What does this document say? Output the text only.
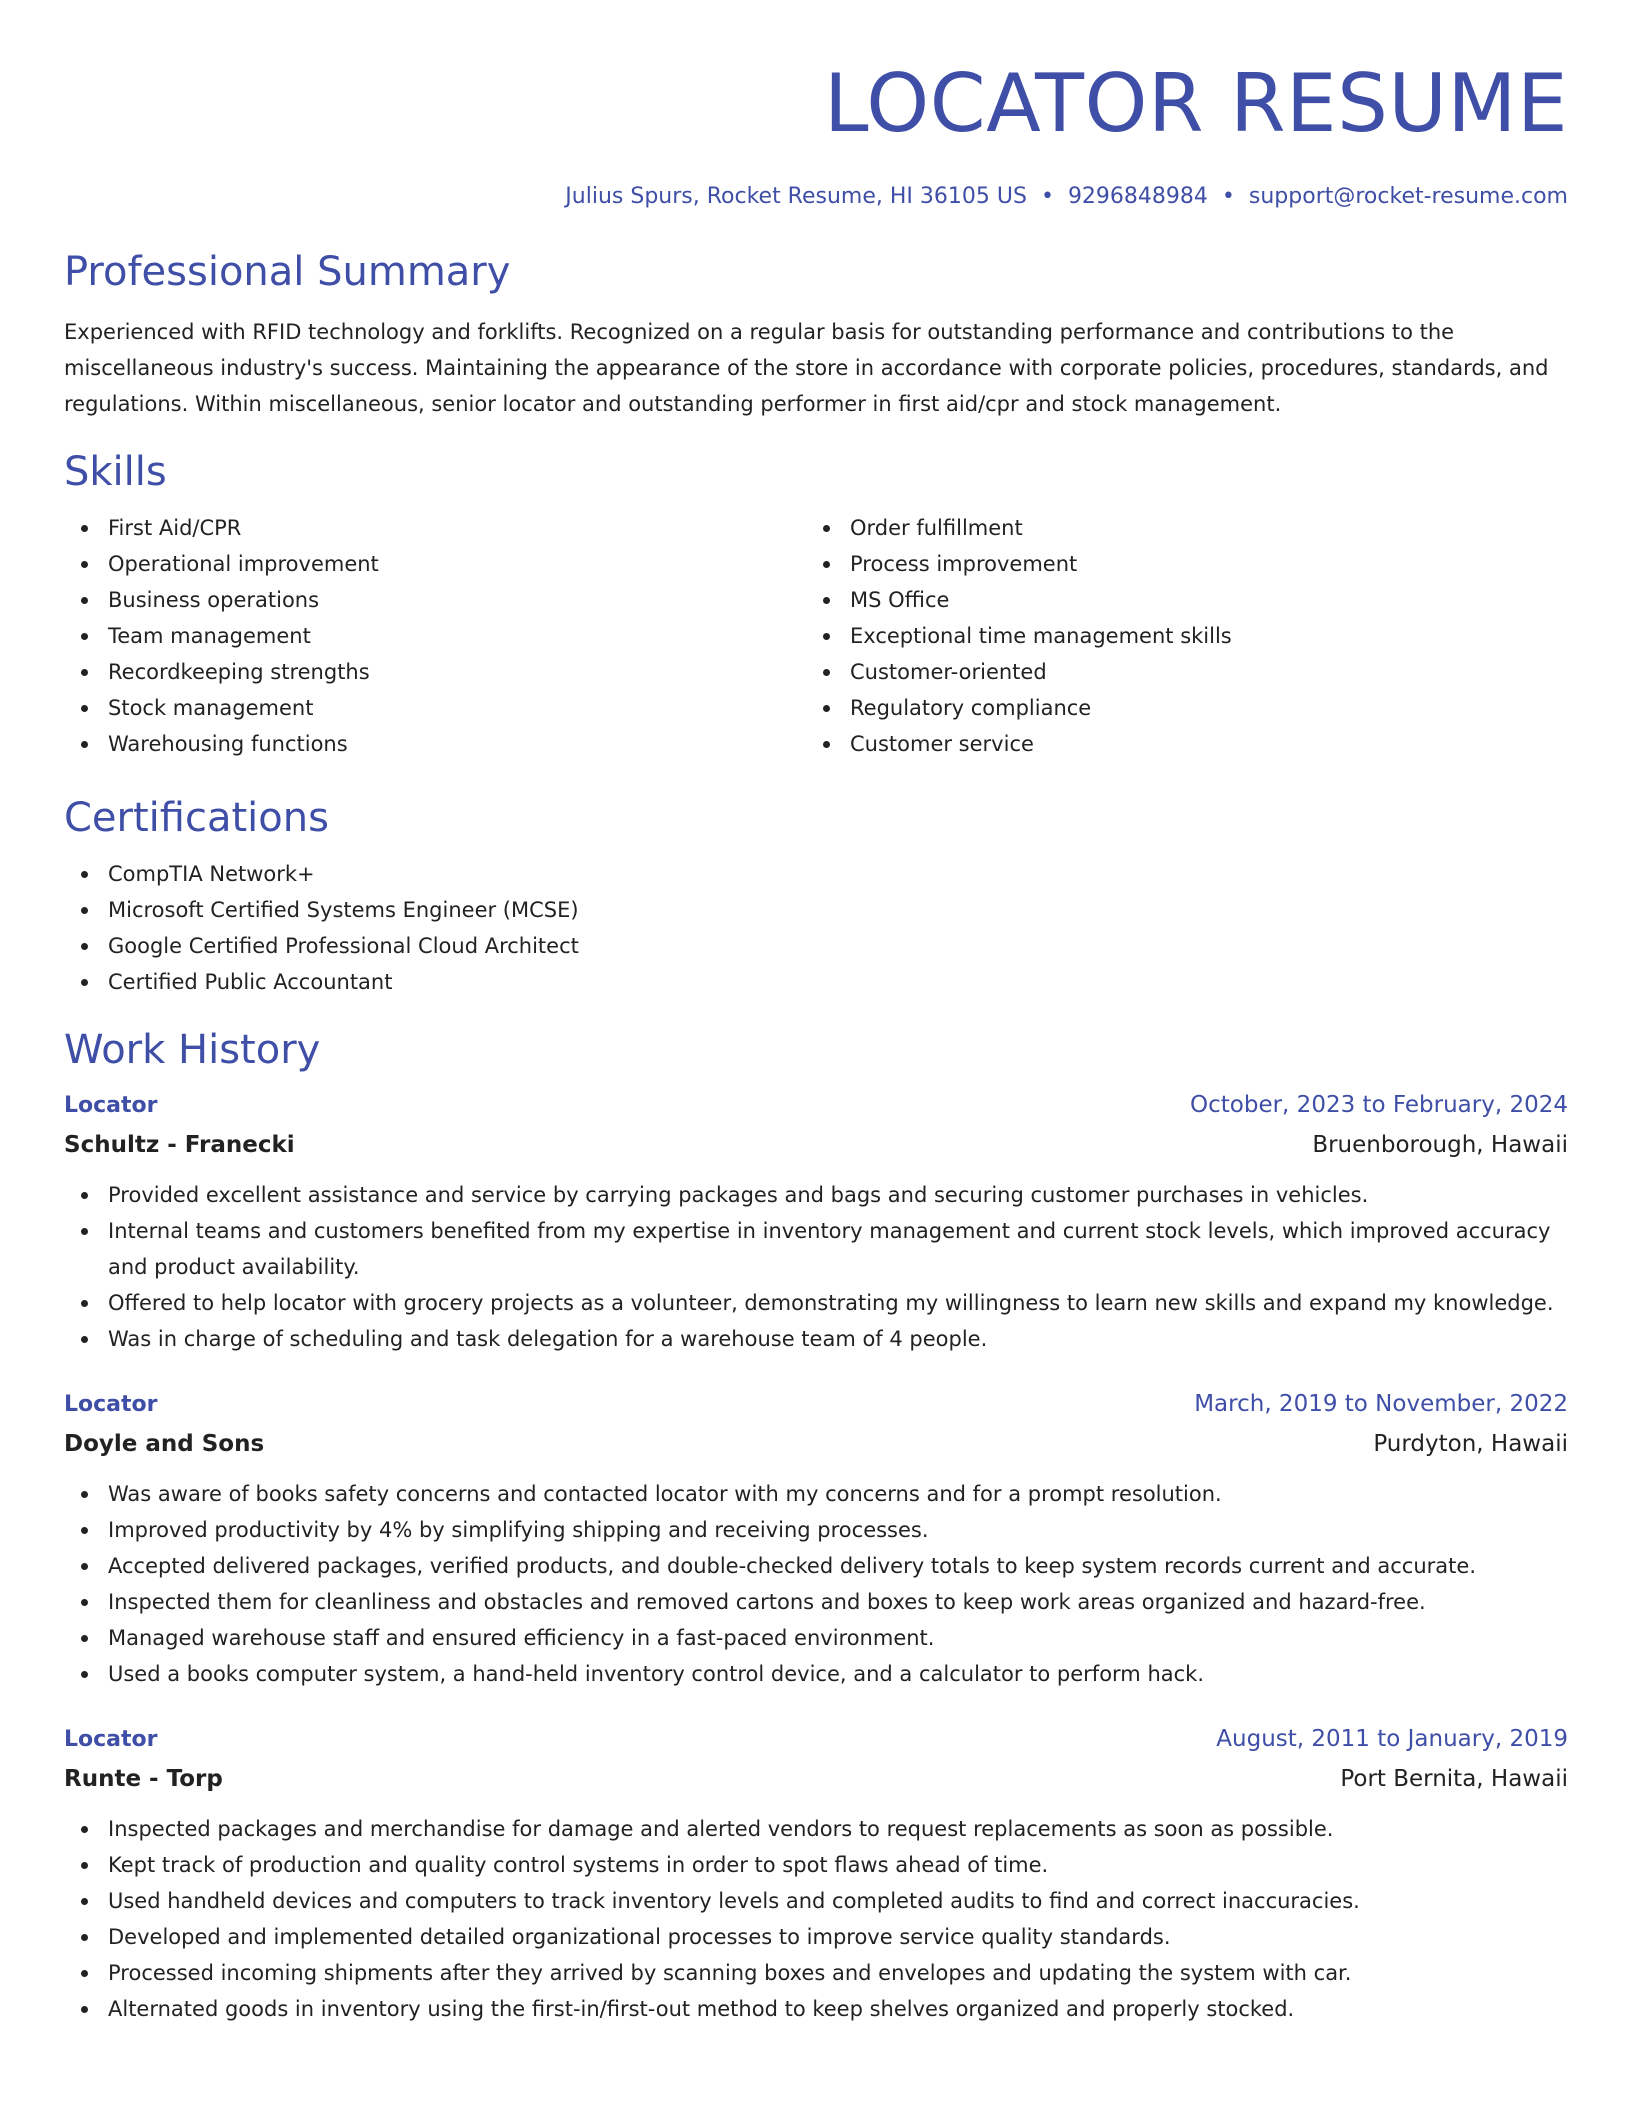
LOCATOR RESUME
Julius Spurs, Rocket Resume, HI 36105 US • 9296848984 • support@rocket-resume.com
Professional Summary

Experienced with RFID technology and forklifts. Recognized on a regular basis for outstanding performance and contributions to the miscellaneous industry's success. Maintaining the appearance of the store in accordance with corporate policies, procedures, standards, and regulations. Within miscellaneous, senior locator and outstanding performer in first aid/cpr and stock management.

Skills
First Aid/CPR
Operational improvement
Business operations
Team management
Recordkeeping strengths
Stock management
Warehousing functions
Order fulfillment
Process improvement
MS Office
Exceptional time management skills
Customer-oriented
Regulatory compliance
Customer service
Certifications
CompTIA Network+
Microsoft Certified Systems Engineer (MCSE)
Google Certified Professional Cloud Architect
Certified Public Accountant
Work History
Locator	October, 2023 to February, 2024
Schultz - Franecki	Bruenborough, Hawaii
Provided excellent assistance and service by carrying packages and bags and securing customer purchases in vehicles.
Internal teams and customers benefited from my expertise in inventory management and current stock levels, which improved accuracy and product availability.
Offered to help locator with grocery projects as a volunteer, demonstrating my willingness to learn new skills and expand my knowledge.
Was in charge of scheduling and task delegation for a warehouse team of 4 people.
Locator	March, 2019 to November, 2022
Doyle and Sons	Purdyton, Hawaii
Was aware of books safety concerns and contacted locator with my concerns and for a prompt resolution.
Improved productivity by 4% by simplifying shipping and receiving processes.
Accepted delivered packages, verified products, and double-checked delivery totals to keep system records current and accurate.
Inspected them for cleanliness and obstacles and removed cartons and boxes to keep work areas organized and hazard-free.
Managed warehouse staff and ensured efficiency in a fast-paced environment.
Used a books computer system, a hand-held inventory control device, and a calculator to perform hack.
Locator	August, 2011 to January, 2019
Runte - Torp	Port Bernita, Hawaii
Inspected packages and merchandise for damage and alerted vendors to request replacements as soon as possible.
Kept track of production and quality control systems in order to spot flaws ahead of time.
Used handheld devices and computers to track inventory levels and completed audits to find and correct inaccuracies.
Developed and implemented detailed organizational processes to improve service quality standards.
Processed incoming shipments after they arrived by scanning boxes and envelopes and updating the system with car.
Alternated goods in inventory using the first-in/first-out method to keep shelves organized and properly stocked.
